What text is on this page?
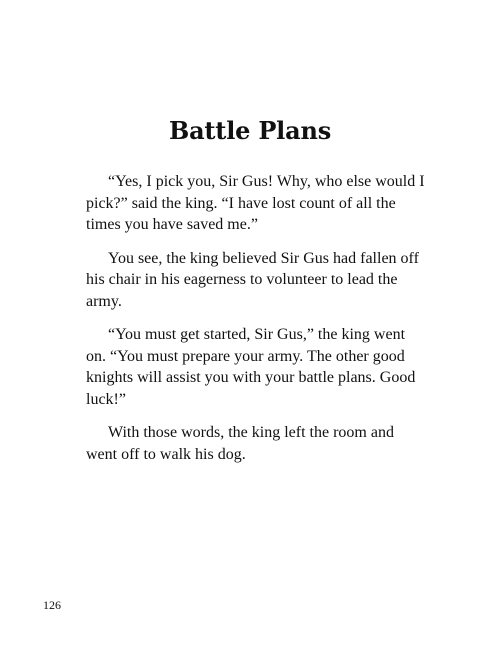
Battle Plans

“Yes, I pick you, Sir Gus! Why, who else would I pick?” said the king. “I have lost count of all the times you have saved me.”

You see, the king believed Sir Gus had fallen off his chair in his eagerness to volunteer to lead the army.

“You must get started, Sir Gus,” the king went on. “You must prepare your army. The other good knights will assist you with your battle plans. Good luck!”

With those words, the king left the room and went off to walk his dog.

126
